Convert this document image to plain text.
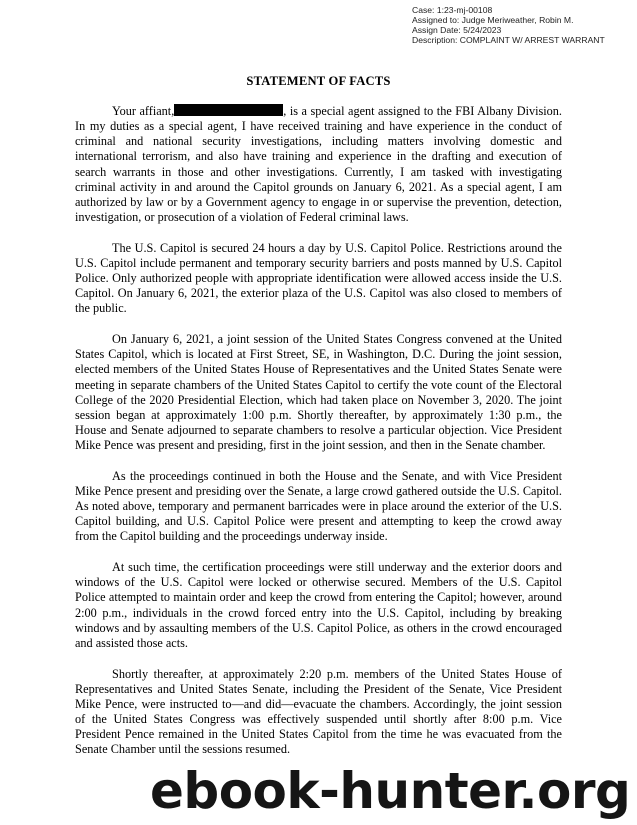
Case: 1:23-mj-00108
Assigned to: Judge Meriweather, Robin M.
Assign Date: 5/24/2023
Description: COMPLAINT W/ ARREST WARRANT
STATEMENT OF FACTS

Your affiant,	, is a special agent assigned to the FBI Albany Division. In my duties as a special agent, I have received training and have experience in the conduct of criminal and national security investigations, including matters involving domestic and international terrorism, and also have training and experience in the drafting and execution of search warrants in those and other investigations. Currently, I am tasked with investigating criminal activity in and around the Capitol grounds on January 6, 2021. As a special agent, I am authorized by law or by a Government agency to engage in or supervise the prevention, detection, investigation, or prosecution of a violation of Federal criminal laws.

The U.S. Capitol is secured 24 hours a day by U.S. Capitol Police. Restrictions around the U.S. Capitol include permanent and temporary security barriers and posts manned by U.S. Capitol Police. Only authorized people with appropriate identification were allowed access inside the U.S. Capitol. On January 6, 2021, the exterior plaza of the U.S. Capitol was also closed to members of the public.

On January 6, 2021, a joint session of the United States Congress convened at the United States Capitol, which is located at First Street, SE, in Washington, D.C. During the joint session, elected members of the United States House of Representatives and the United States Senate were meeting in separate chambers of the United States Capitol to certify the vote count of the Electoral College of the 2020 Presidential Election, which had taken place on November 3, 2020. The joint session began at approximately 1:00 p.m. Shortly thereafter, by approximately 1:30 p.m., the House and Senate adjourned to separate chambers to resolve a particular objection. Vice President Mike Pence was present and presiding, first in the joint session, and then in the Senate chamber.

As the proceedings continued in both the House and the Senate, and with Vice President Mike Pence present and presiding over the Senate, a large crowd gathered outside the U.S. Capitol. As noted above, temporary and permanent barricades were in place around the exterior of the U.S. Capitol building, and U.S. Capitol Police were present and attempting to keep the crowd away from the Capitol building and the proceedings underway inside.

At such time, the certification proceedings were still underway and the exterior doors and windows of the U.S. Capitol were locked or otherwise secured. Members of the U.S. Capitol Police attempted to maintain order and keep the crowd from entering the Capitol; however, around 2:00 p.m., individuals in the crowd forced entry into the U.S. Capitol, including by breaking windows and by assaulting members of the U.S. Capitol Police, as others in the crowd encouraged and assisted those acts.

Shortly thereafter, at approximately 2:20 p.m. members of the United States House of Representatives and United States Senate, including the President of the Senate, Vice President Mike Pence, were instructed to—and did—evacuate the chambers. Accordingly, the joint session of the United States Congress was effectively suspended until shortly after 8:00 p.m. Vice President Pence remained in the United States Capitol from the time he was evacuated from the Senate Chamber until the sessions resumed.

ebook-hunter.org
